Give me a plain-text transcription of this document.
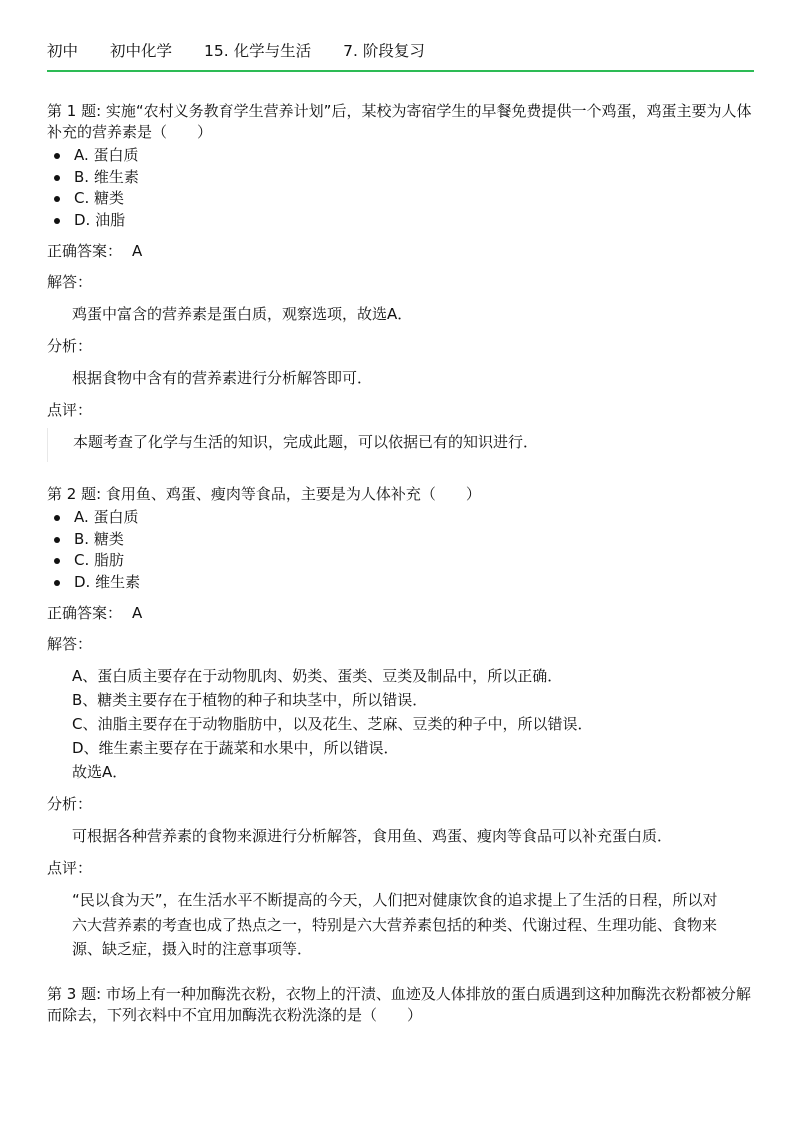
初中 初中化学 15. 化学与生活 7. 阶段复习
第 1 题: 实施“农村义务教育学生营养计划”后，某校为寄宿学生的早餐免费提供一个鸡蛋，鸡蛋主要为人体补充的营养素是（　　）
A. 蛋白质
B. 维生素
C. 糖类
D. 油脂
正确答案： A
解答：
鸡蛋中富含的营养素是蛋白质，观察选项，故选A．
分析：
根据食物中含有的营养素进行分析解答即可．
点评：
本题考查了化学与生活的知识，完成此题，可以依据已有的知识进行．
第 2 题: 食用鱼、鸡蛋、瘦肉等食品，主要是为人体补充（　　）
A. 蛋白质
B. 糖类
C. 脂肪
D. 维生素
正确答案： A
解答：
A、蛋白质主要存在于动物肌肉、奶类、蛋类、豆类及制品中，所以正确．
B、糖类主要存在于植物的种子和块茎中，所以错误．
C、油脂主要存在于动物脂肪中，以及花生、芝麻、豆类的种子中，所以错误．
D、维生素主要存在于蔬菜和水果中，所以错误．
故选A．
分析：
可根据各种营养素的食物来源进行分析解答，食用鱼、鸡蛋、瘦肉等食品可以补充蛋白质．
点评：
“民以食为天”，在生活水平不断提高的今天，人们把对健康饮食的追求提上了生活的日程，所以对六大营养素的考查也成了热点之一，特别是六大营养素包括的种类、代谢过程、生理功能、食物来源、缺乏症，摄入时的注意事项等．
第 3 题: 市场上有一种加酶洗衣粉，衣物上的汗渍、血迹及人体排放的蛋白质遇到这种加酶洗衣粉都被分解而除去，下列衣料中不宜用加酶洗衣粉洗涤的是（　　）
